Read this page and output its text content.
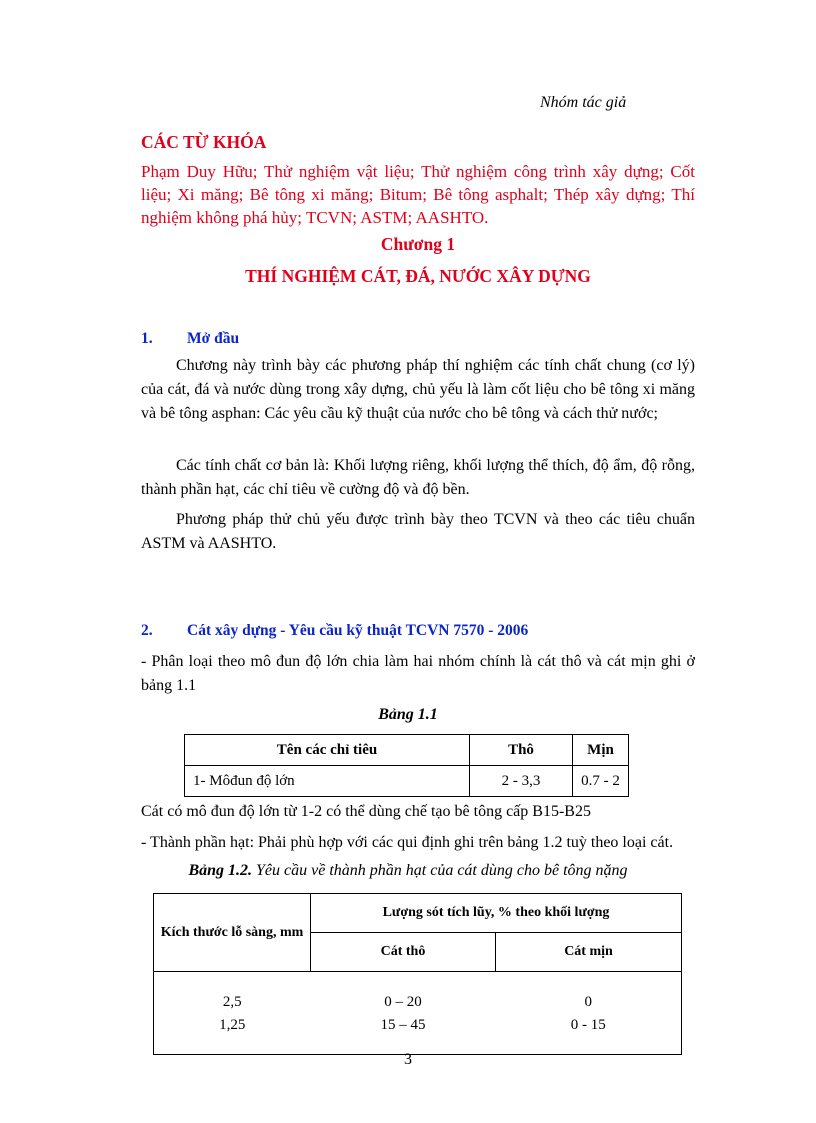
Nhóm tác giả
CÁC TỪ KHÓA
Phạm Duy Hữu; Thử nghiệm vật liệu; Thử nghiệm công trình xây dựng; Cốt liệu; Xi măng; Bê tông xi măng; Bitum; Bê tông asphalt; Thép xây dựng; Thí nghiệm không phá hủy; TCVN; ASTM; AASHTO.
Chương 1
THÍ NGHIỆM CÁT, ĐÁ, NƯỚC XÂY DỰNG
1. Mở đầu

Chương này trình bày các phương pháp thí nghiệm các tính chất chung (cơ lý) của cát, đá và nước dùng trong xây dựng, chủ yếu là làm cốt liệu cho bê tông xi măng và bê tông asphan: Các yêu cầu kỹ thuật của nước cho bê tông và cách thử nước;

Các tính chất cơ bản là: Khối lượng riêng, khối lượng thể thích, độ ẩm, độ rỗng, thành phần hạt, các chỉ tiêu về cường độ và độ bền.

Phương pháp thử chủ yếu được trình bày theo TCVN và theo các tiêu chuẩn ASTM và AASHTO.

2. Cát xây dựng - Yêu cầu kỹ thuật TCVN 7570 - 2006

- Phân loại theo mô đun độ lớn chia làm hai nhóm chính là cát thô và cát mịn ghi ở bảng 1.1

Bảng 1.1
Tên các chỉ tiêu	Thô	Mịn
1- Môđun độ lớn	2 - 3,3	0.7 - 2

Cát có mô đun độ lớn từ 1-2 có thể dùng chế tạo bê tông cấp B15-B25

- Thành phần hạt: Phải phù hợp với các qui định ghi trên bảng 1.2 tuỳ theo loại cát.

Bảng 1.2. Yêu cầu về thành phần hạt của cát dùng cho bê tông nặng
Kích thước lỗ sàng, mm	Lượng sót tích lũy, % theo khối lượng	
	Cát thô	Cát mịn
2,5	0 – 20	0
1,25	15 – 45	0 - 15
3
